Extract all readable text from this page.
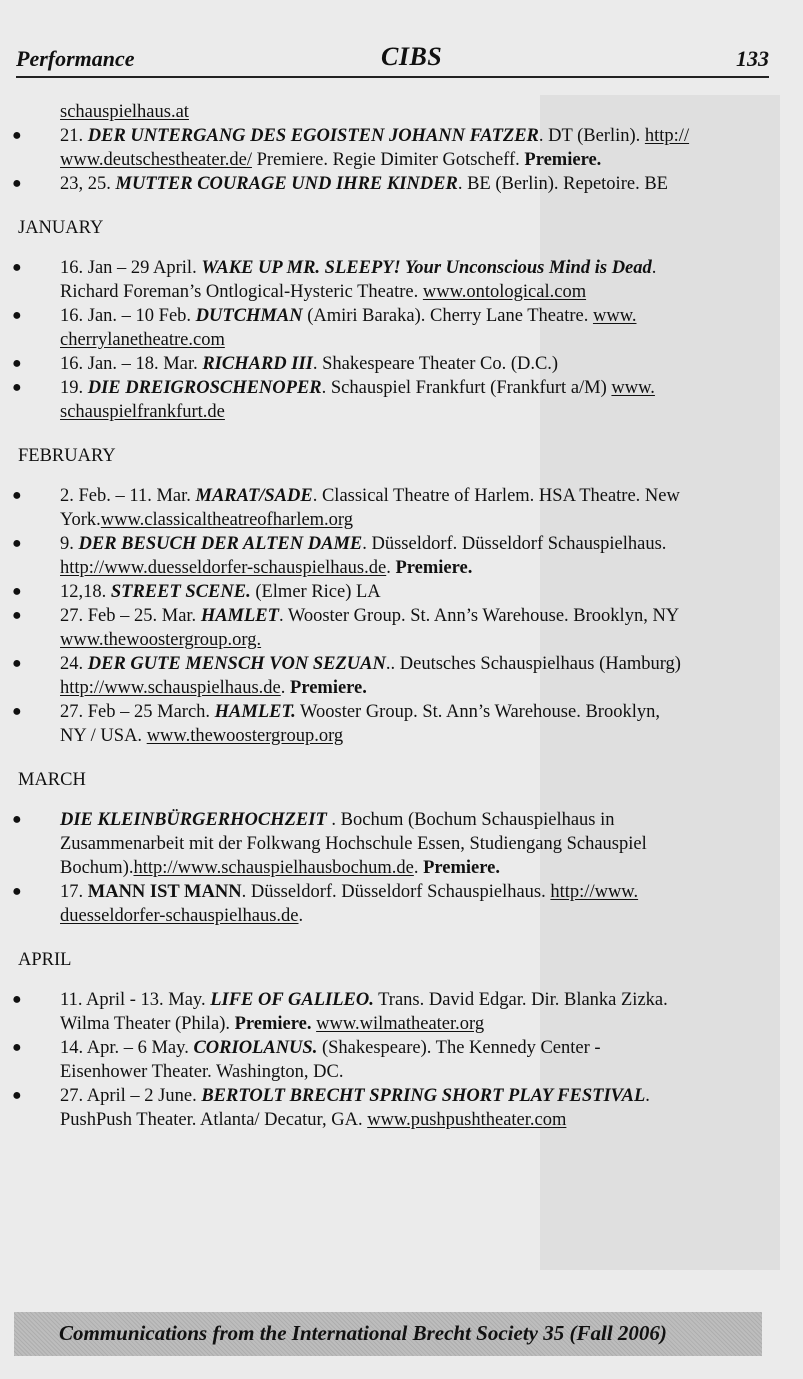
Performance	CIBS	133
schauspielhaus.at
● 21. DER UNTERGANG DES EGOISTEN JOHANN FATZER. DT (Berlin). http://
www.deutschestheater.de/ Premiere. Regie Dimiter Gotscheff. Premiere.
● 23, 25. MUTTER COURAGE UND IHRE KINDER. BE (Berlin). Repetoire. BE
JANUARY
● 16. Jan – 29 April. WAKE UP MR. SLEEPY! Your Unconscious Mind is Dead.
Richard Foreman’s Ontlogical-Hysteric Theatre. www.ontological.com
● 16. Jan. – 10 Feb. DUTCHMAN (Amiri Baraka). Cherry Lane Theatre. www.
cherrylanetheatre.com
● 16. Jan. – 18. Mar. RICHARD III. Shakespeare Theater Co. (D.C.)
● 19. DIE DREIGROSCHENOPER. Schauspiel Frankfurt (Frankfurt a/M) www.
schauspielfrankfurt.de
FEBRUARY
● 2. Feb. – 11. Mar. MARAT/SADE. Classical Theatre of Harlem. HSA Theatre. New
York.www.classicaltheatreofharlem.org
● 9. DER BESUCH DER ALTEN DAME. Düsseldorf. Düsseldorf Schauspielhaus.
http://www.duesseldorfer-schauspielhaus.de. Premiere.
● 12,18. STREET SCENE. (Elmer Rice) LA
● 27. Feb – 25. Mar. HAMLET. Wooster Group. St. Ann’s Warehouse. Brooklyn, NY
www.thewoostergroup.org.
● 24. DER GUTE MENSCH VON SEZUAN.. Deutsches Schauspielhaus (Hamburg)
http://www.schauspielhaus.de. Premiere.
● 27. Feb – 25 March. HAMLET. Wooster Group. St. Ann’s Warehouse. Brooklyn,
NY / USA. www.thewoostergroup.org
MARCH
● DIE KLEINBÜRGERHOCHZEIT . Bochum (Bochum Schauspielhaus in
Zusammenarbeit mit der Folkwang Hochschule Essen, Studiengang Schauspiel
Bochum).http://www.schauspielhausbochum.de. Premiere.
● 17. MANN IST MANN. Düsseldorf. Düsseldorf Schauspielhaus. http://www.
duesseldorfer-schauspielhaus.de.
APRIL
● 11. April - 13. May. LIFE OF GALILEO. Trans. David Edgar. Dir. Blanka Zizka.
Wilma Theater (Phila). Premiere. www.wilmatheater.org
● 14. Apr. – 6 May. CORIOLANUS. (Shakespeare). The Kennedy Center -
Eisenhower Theater. Washington, DC.
● 27. April – 2 June. BERTOLT BRECHT SPRING SHORT PLAY FESTIVAL.
PushPush Theater. Atlanta/ Decatur, GA. www.pushpushtheater.com
Communications from the International Brecht Society 35 (Fall 2006)
